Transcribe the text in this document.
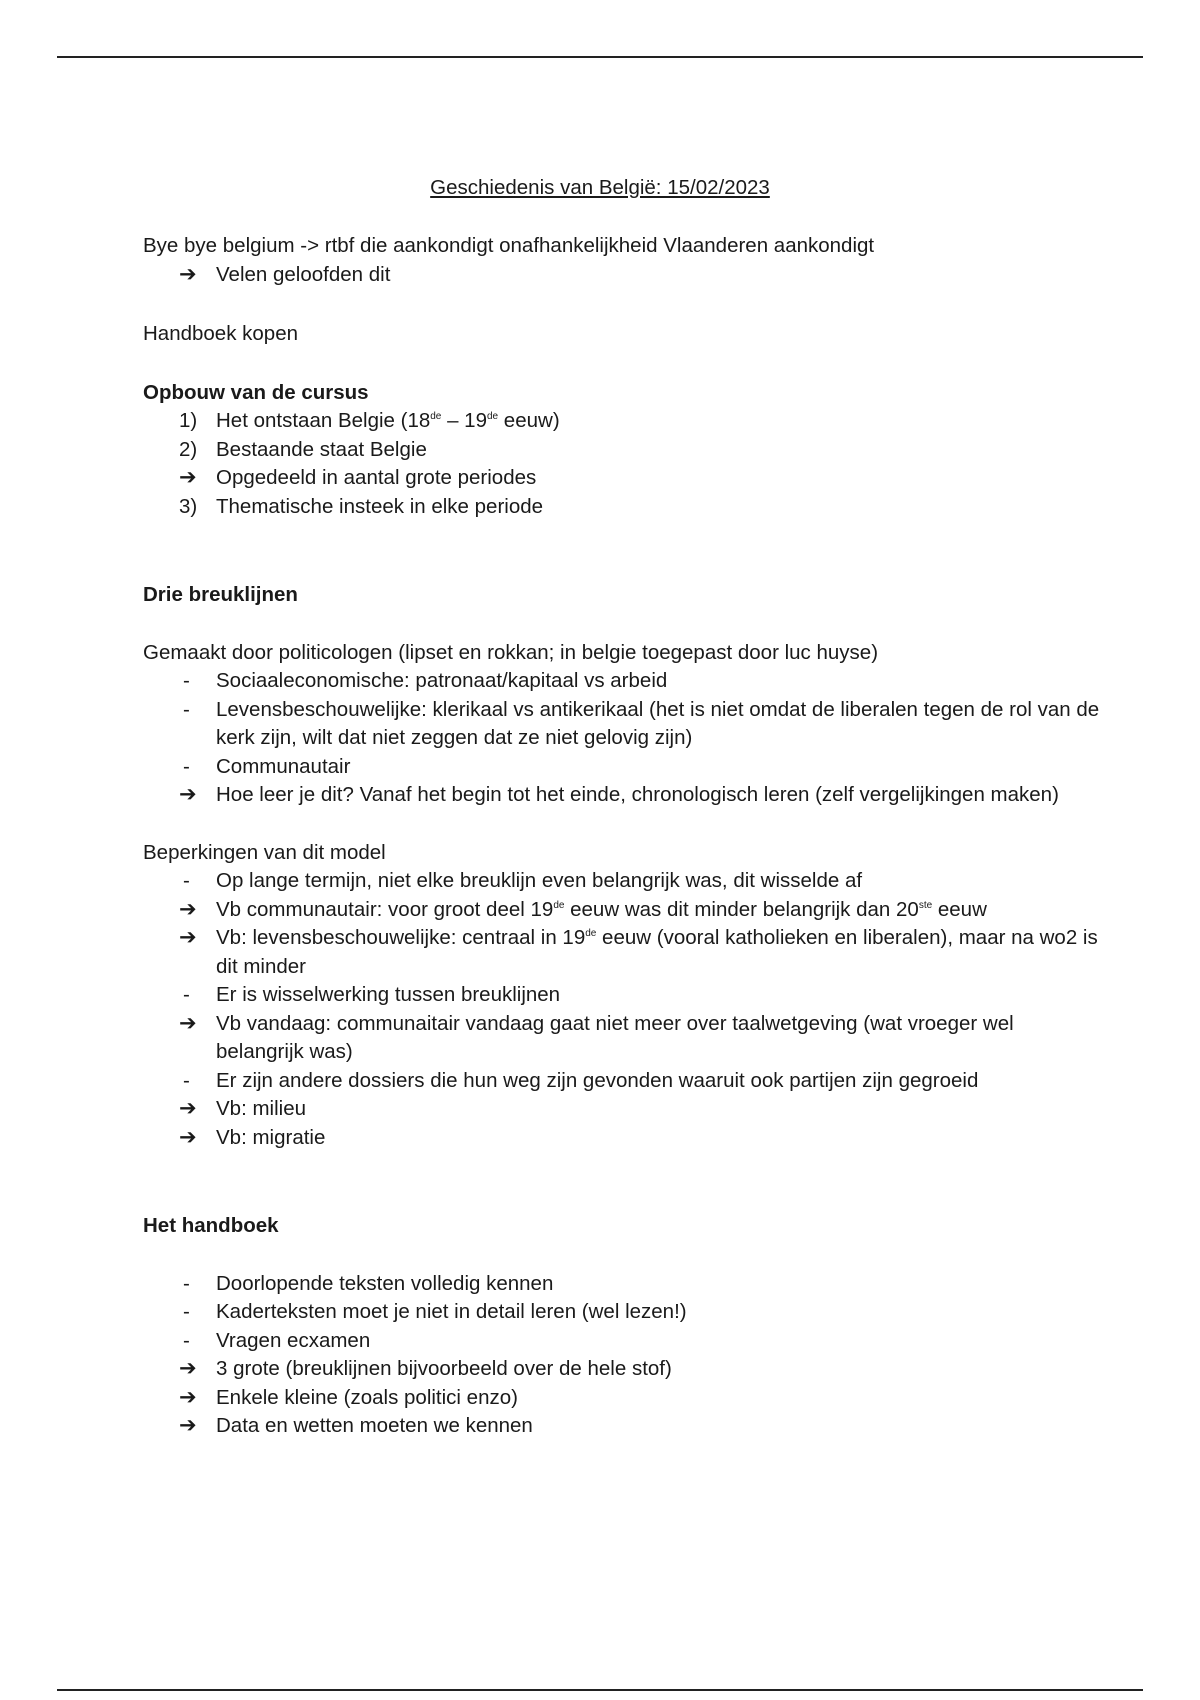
Geschiedenis van België: 15/02/2023
Bye bye belgium -> rtbf die aankondigt onafhankelijkheid Vlaanderen aankondigt
➔ Velen geloofden dit
Handboek kopen
Opbouw van de cursus
1) Het ontstaan Belgie (18de – 19de eeuw)
2) Bestaande staat Belgie
➔ Opgedeeld in aantal grote periodes
3) Thematische insteek in elke periode
Drie breuklijnen
Gemaakt door politicologen (lipset en rokkan; in belgie toegepast door luc huyse)
- Sociaaleconomische: patronaat/kapitaal vs arbeid
- Levensbeschouwelijke: klerikaal vs antikerikaal (het is niet omdat de liberalen tegen de rol van de kerk zijn, wilt dat niet zeggen dat ze niet gelovig zijn)
- Communautair
➔ Hoe leer je dit? Vanaf het begin tot het einde, chronologisch leren (zelf vergelijkingen maken)
Beperkingen van dit model
- Op lange termijn, niet elke breuklijn even belangrijk was, dit wisselde af
➔ Vb communautair: voor groot deel 19de eeuw was dit minder belangrijk dan 20ste eeuw
➔ Vb: levensbeschouwelijke: centraal in 19de eeuw (vooral katholieken en liberalen), maar na wo2 is dit minder
- Er is wisselwerking tussen breuklijnen
➔ Vb vandaag: communaitair vandaag gaat niet meer over taalwetgeving (wat vroeger wel belangrijk was)
- Er zijn andere dossiers die hun weg zijn gevonden waaruit ook partijen zijn gegroeid
➔ Vb: milieu
➔ Vb: migratie
Het handboek
- Doorlopende teksten volledig kennen
- Kaderteksten moet je niet in detail leren (wel lezen!)
- Vragen ecxamen
➔ 3 grote (breuklijnen bijvoorbeeld over de hele stof)
➔ Enkele kleine (zoals politici enzo)
➔ Data en wetten moeten we kennen
